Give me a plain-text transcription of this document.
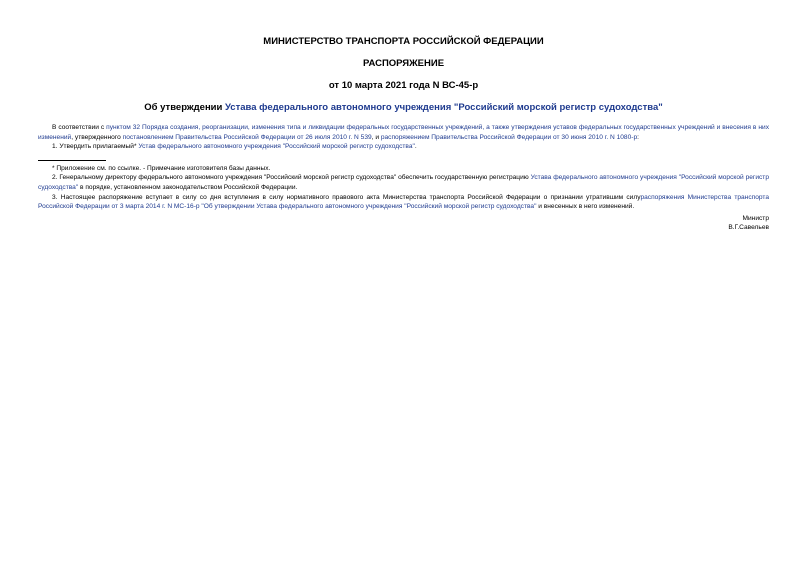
МИНИСТЕРСТВО ТРАНСПОРТА РОССИЙСКОЙ ФЕДЕРАЦИИ

РАСПОРЯЖЕНИЕ

от 10 марта 2021 года N ВС-45-р

Об утверждении Устава федерального автономного учреждения "Российский морской регистр судоходства"

В соответствии с пунктом 32 Порядка создания, реорганизации, изменения типа и ликвидации федеральных государственных учреждений, а также утверждения уставов федеральных государственных учреждений и внесения в них изменений, утвержденного постановлением Правительства Российской Федерации от 26 июля 2010 г. N 539, и распоряжением Правительства Российской Федерации от 30 июня 2010 г. N 1080-р:

1. Утвердить прилагаемый* Устав федерального автономного учреждения "Российский морской регистр судоходства".

* Приложение см. по ссылке. - Примечание изготовителя базы данных.

2. Генеральному директору федерального автономного учреждения "Российский морской регистр судоходства" обеспечить государственную регистрацию Устава федерального автономного учреждения "Российский морской регистр судоходства" в порядке, установленном законодательством Российской Федерации.

3. Настоящее распоряжение вступает в силу со дня вступления в силу нормативного правового акта Министерства транспорта Российской Федерации о признании утратившим силураспоряжения Министерства транспорта Российской Федерации от 3 марта 2014 г. N МС-16-р "Об утверждении Устава федерального автономного учреждения "Российский морской регистр судоходства" и внесенных в него изменений.

Министр

В.Г.Савельев
